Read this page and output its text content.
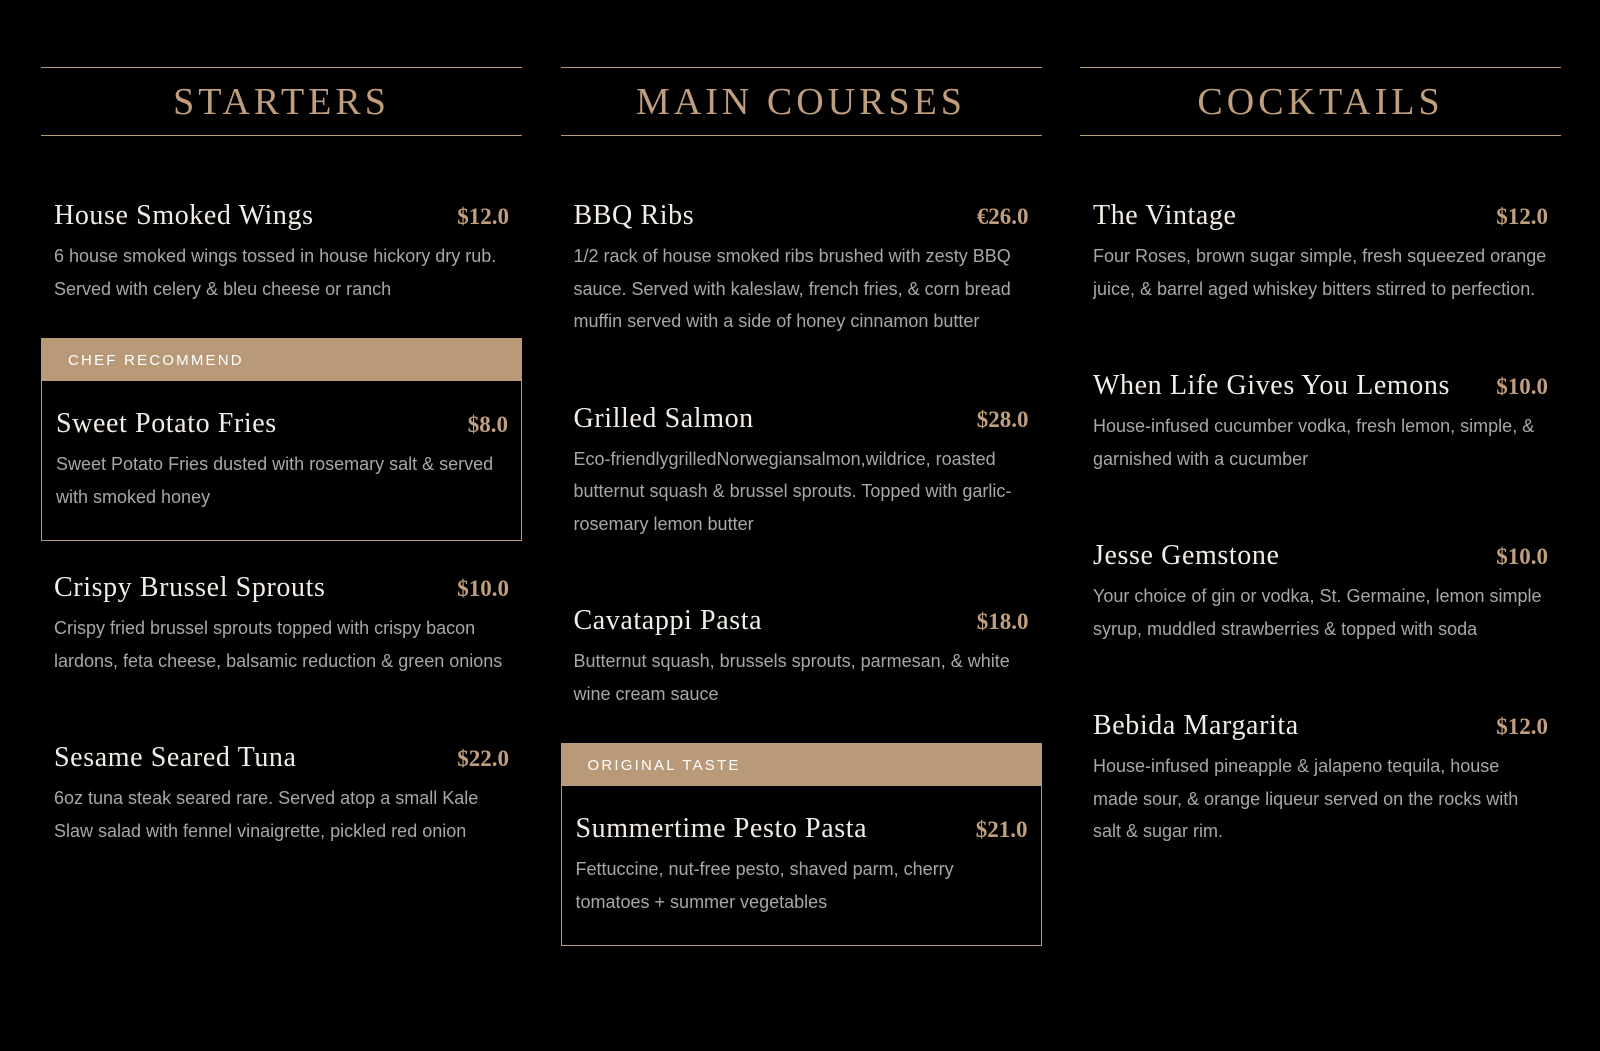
STARTERS
House Smoked Wings	$12.0
6 house smoked wings tossed in house hickory dry rub. Served with celery & bleu cheese or ranch
CHEF RECOMMEND
Sweet Potato Fries	$8.0
Sweet Potato Fries dusted with rosemary salt & served with smoked honey
Crispy Brussel Sprouts	$10.0
Crispy fried brussel sprouts topped with crispy bacon lardons, feta cheese, balsamic reduction & green onions
Sesame Seared Tuna	$22.0
6oz tuna steak seared rare. Served atop a small Kale Slaw salad with fennel vinaigrette, pickled red onion
MAIN COURSES
BBQ Ribs	€26.0
1/2 rack of house smoked ribs brushed with zesty BBQ sauce. Served with kaleslaw, french fries, & corn bread muffin served with a side of honey cinnamon butter
Grilled Salmon	$28.0
Eco-friendlygrilledNorwegiansalmon,wildrice, roasted butternut squash & brussel sprouts. Topped with garlic-rosemary lemon butter
Cavatappi Pasta	$18.0
Butternut squash, brussels sprouts, parmesan, & white wine cream sauce
ORIGINAL TASTE
Summertime Pesto Pasta	$21.0
Fettuccine, nut-free pesto, shaved parm, cherry tomatoes + summer vegetables
COCKTAILS
The Vintage	$12.0
Four Roses, brown sugar simple, fresh squeezed orange juice, & barrel aged whiskey bitters stirred to perfection.
When Life Gives You Lemons $10.0
House-infused cucumber vodka, fresh lemon, simple, & garnished with a cucumber
Jesse Gemstone	$10.0
Your choice of gin or vodka, St. Germaine, lemon simple syrup, muddled strawberries & topped with soda
Bebida Margarita	$12.0
House-infused pineapple & jalapeno tequila, house made sour, & orange liqueur served on the rocks with salt & sugar rim.
